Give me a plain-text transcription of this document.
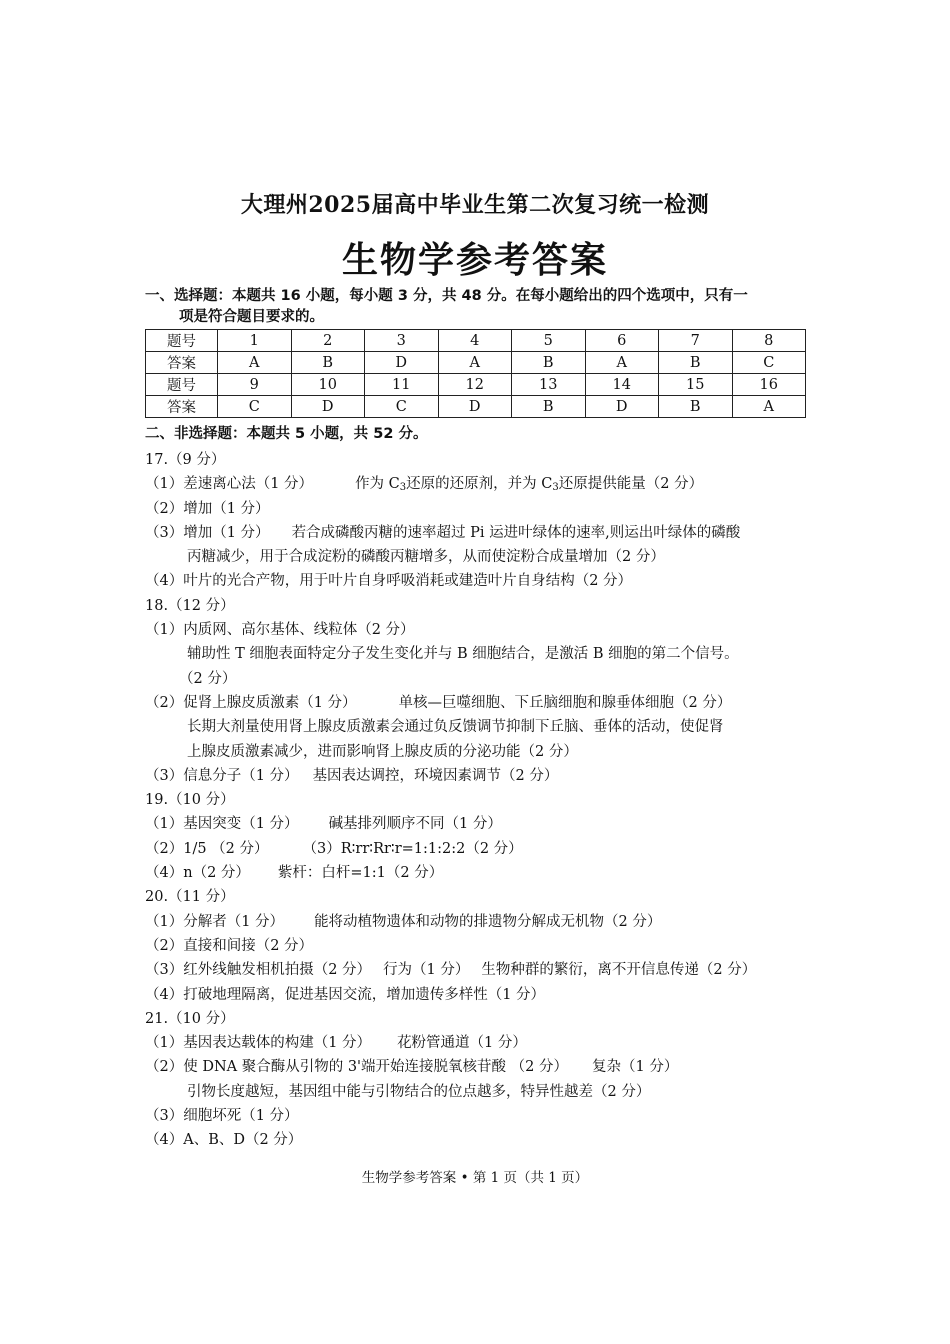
大理州2025届高中毕业生第二次复习统一检测
生物学参考答案
一、选择题：本题共 16 小题，每小题 3 分，共 48 分。在每小题给出的四个选项中，只有一
项是符合题目要求的。
题号	1	2	3	4	5	6	7	8
答案	A	B	D	A	B	A	B	C
题号	9	10	11	12	13	14	15	16
答案	C	D	C	D	B	D	B	A
二、非选择题：本题共 5 小题，共 52 分。
17.（9 分）
（1）差速离心法（1 分）	作为 $C_3$还原的还原剂，并为 $C_3$还原提供能量（2 分）
（2）增加（1 分）
（3）增加（1 分） 若合成磷酸丙糖的速率超过 Pi 运进叶绿体的速率,则运出叶绿体的磷酸
丙糖减少，用于合成淀粉的磷酸丙糖增多，从而使淀粉合成量增加（2 分）
（4）叶片的光合产物，用于叶片自身呼吸消耗或建造叶片自身结构（2 分）
18.（12 分）
（1）内质网、高尔基体、线粒体（2 分）
辅助性 T 细胞表面特定分子发生变化并与 B 细胞结合，是激活 B 细胞的第二个信号。
（2 分）
（2）促肾上腺皮质激素（1 分）	单核—巨噬细胞、下丘脑细胞和腺垂体细胞（2 分）
长期大剂量使用肾上腺皮质激素会通过负反馈调节抑制下丘脑、垂体的活动，使促肾
上腺皮质激素减少，进而影响肾上腺皮质的分泌功能（2 分）
（3）信息分子（1 分） 基因表达调控，环境因素调节（2 分）
19.（10 分）
（1）基因突变（1 分） 碱基排列顺序不同（1 分）
（2）1/5 （2 分） （3）R∶rr∶Rr∶r=1:1:2:2（2 分）
（4）n（2 分） 紫杆：白杆=1:1（2 分）
20.（11 分）
（1）分解者（1 分） 能将动植物遗体和动物的排遗物分解成无机物（2 分）
（2）直接和间接（2 分）
（3）红外线触发相机拍摄（2 分） 行为（1 分） 生物种群的繁衍，离不开信息传递（2 分）
（4）打破地理隔离，促进基因交流，增加遗传多样性（1 分）
21.（10 分）
（1）基因表达载体的构建（1 分） 花粉管通道（1 分）
（2）使 DNA 聚合酶从引物的 3'端开始连接脱氧核苷酸 （2 分） 复杂（1 分）
引物长度越短，基因组中能与引物结合的位点越多，特异性越差（2 分）
（3）细胞坏死（1 分）
（4）A、B、D（2 分）
生物学参考答案 • 第 1 页（共 1 页）
